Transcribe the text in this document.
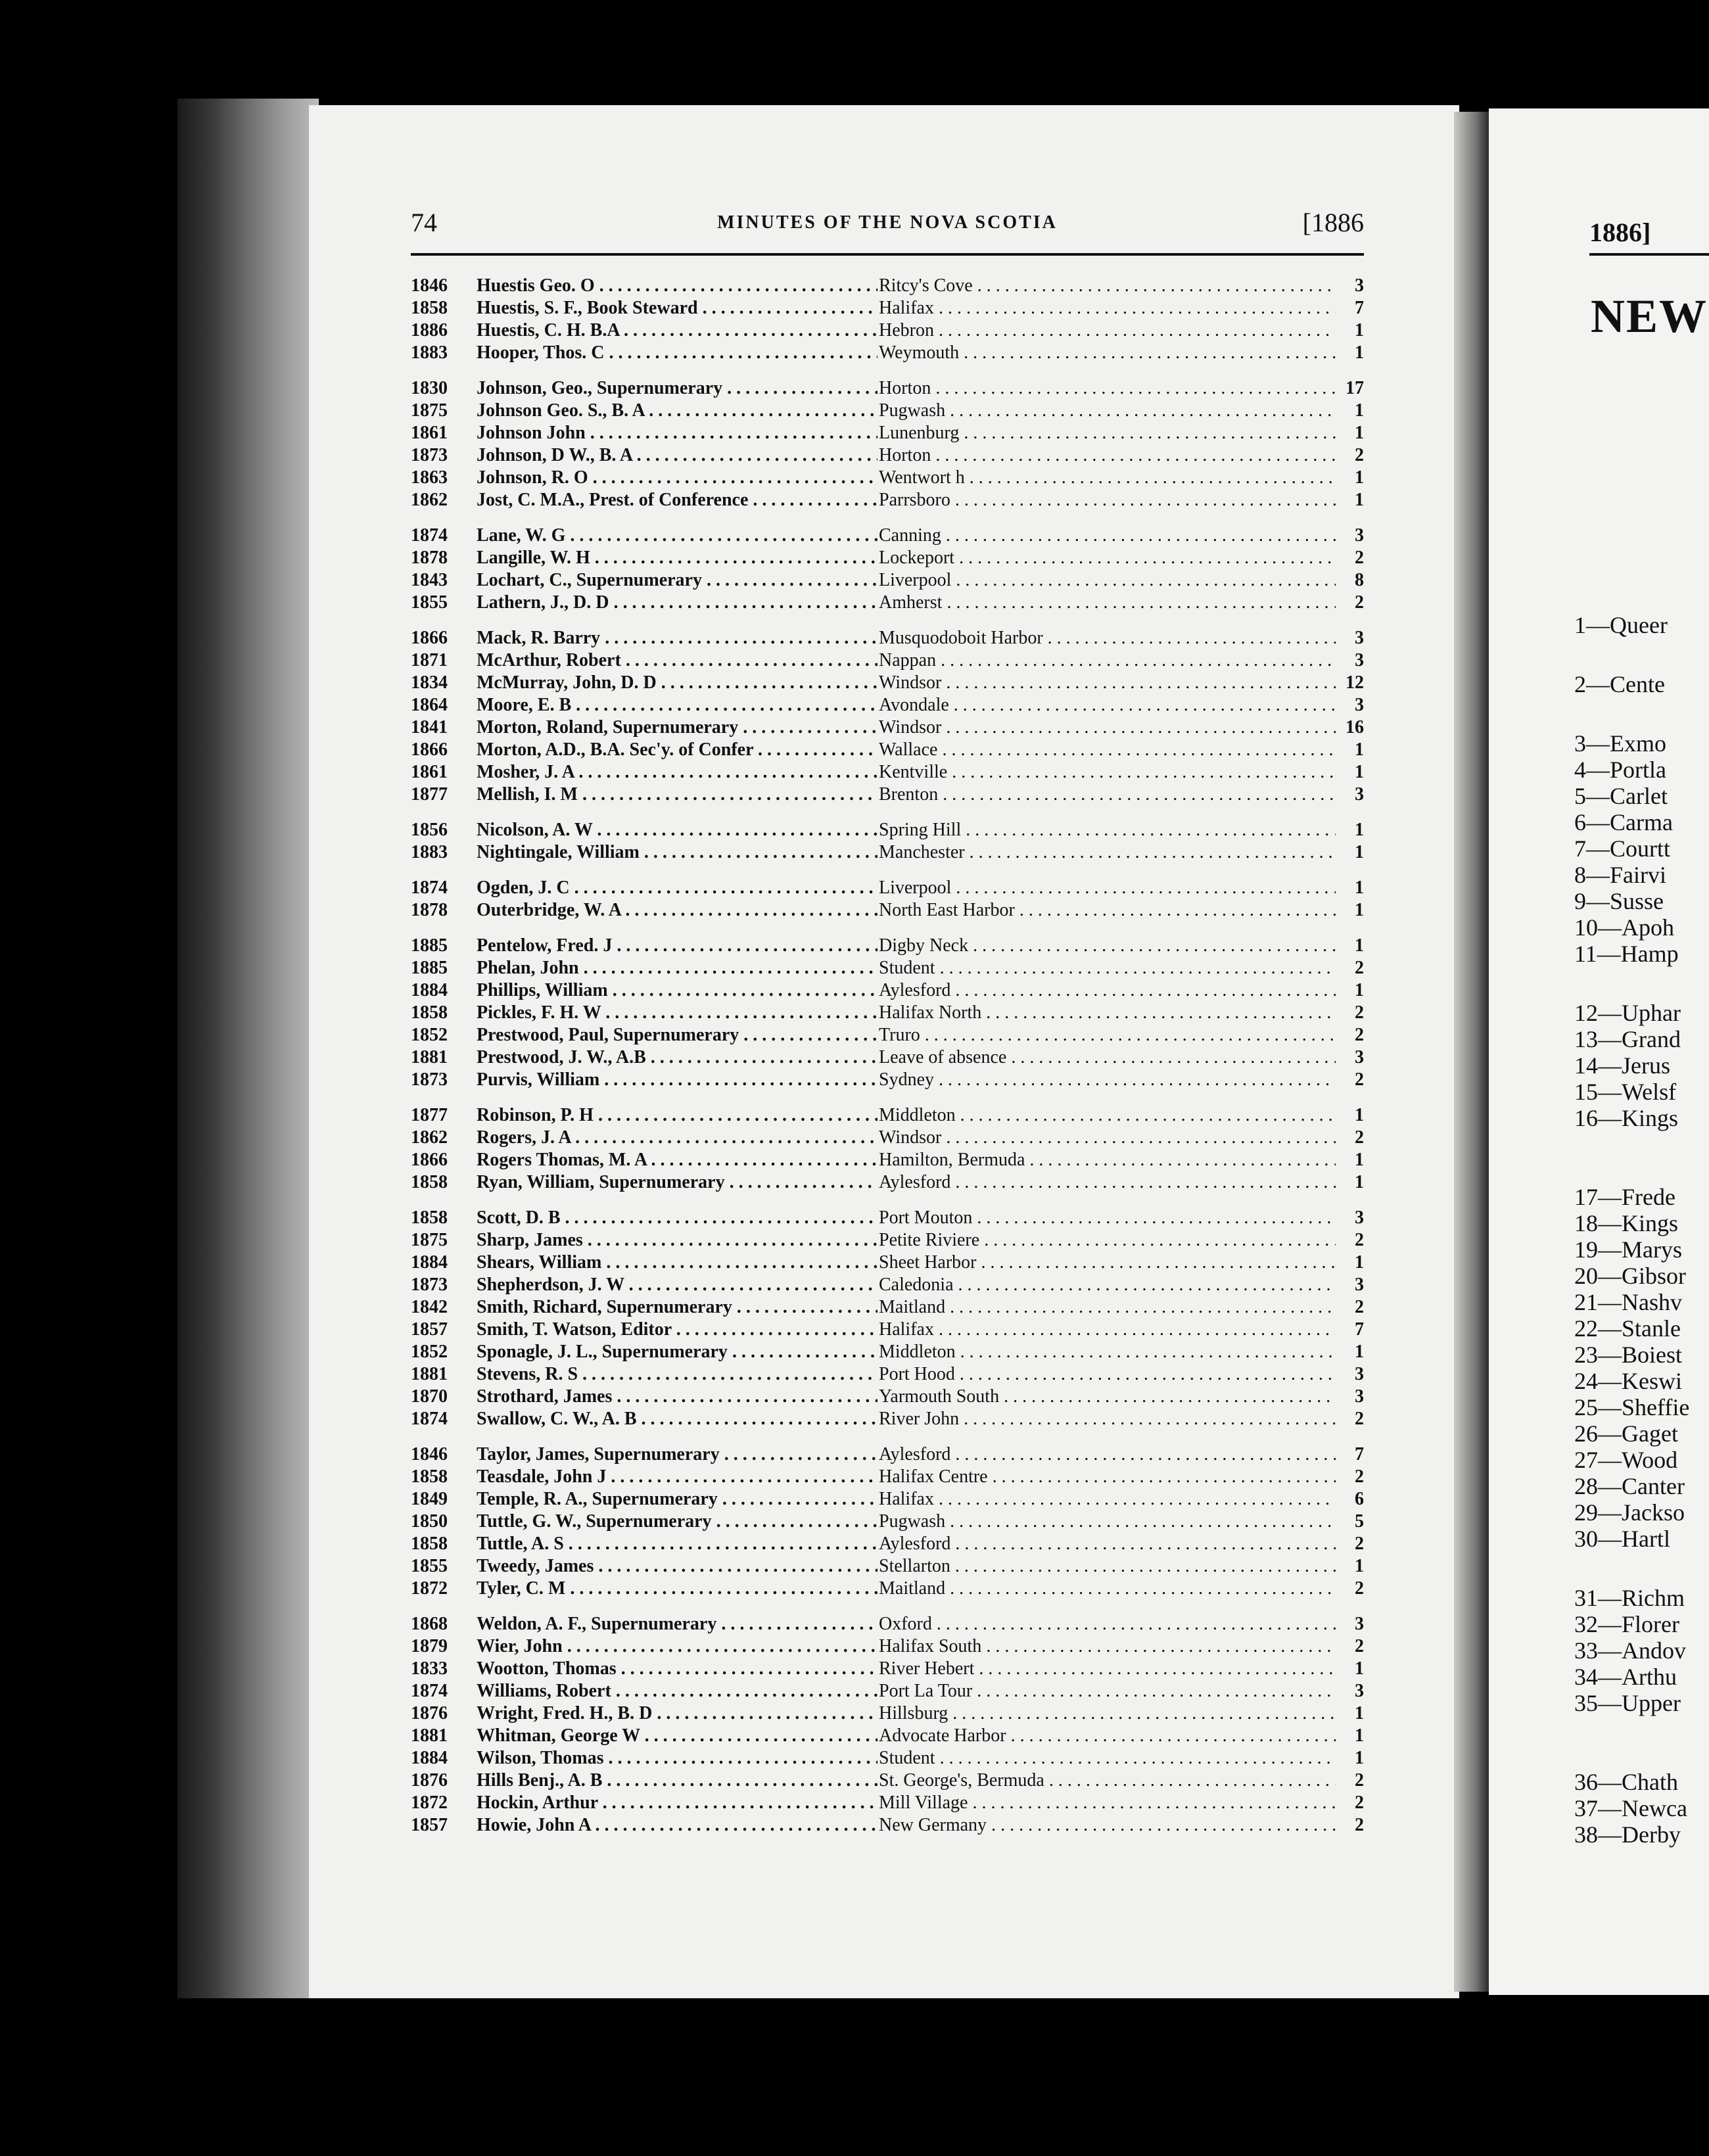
74	MINUTES OF THE NOVA SCOTIA	[1886
1846	Huestis Geo. O . . .	Ritcy's Cove . . .	3
1858	Huestis, S. F., Book Steward . . .	Halifax . . .	7
1886	Huestis, C. H. B.A . . .	Hebron . . .	1
1883	Hooper, Thos. C . . .	Weymouth . . .	1
1830	Johnson, Geo., Supernumerary . . .	Horton . . .	17
1875	Johnson Geo. S., B. A . . .	Pugwash . . .	1
1861	Johnson John . . .	Lunenburg . . .	1
1873	Johnson, D W., B. A . . .	Horton . . .	2
1863	Johnson, R. O . . .	Wentwort h . . .	1
1862	Jost, C. M.A., Prest. of Conference . . .	Parrsboro . . .	1
1874	Lane, W. G . . .	Canning . . .	3
1878	Langille, W. H . . .	Lockeport . . .	2
1843	Lochart, C., Supernumerary . . .	Liverpool . . .	8
1855	Lathern, J., D. D . . .	Amherst . . .	2
1866	Mack, R. Barry . . .	Musquodoboit Harbor . . .	3
1871	McArthur, Robert . . .	Nappan . . .	3
1834	McMurray, John, D. D . . .	Windsor . . .	12
1864	Moore, E. B . . .	Avondale . . .	3
1841	Morton, Roland, Supernumerary . . .	Windsor . . .	16
1866	Morton, A.D., B.A. Sec'y. of Confer . . .	Wallace . . .	1
1861	Mosher, J. A . . .	Kentville . . .	1
1877	Mellish, I. M . . .	Brenton . . .	3
1856	Nicolson, A. W . . .	Spring Hill . . .	1
1883	Nightingale, William . . .	Manchester . . .	1
1874	Ogden, J. C . . .	Liverpool . . .	1
1878	Outerbridge, W. A . . .	North East Harbor . . .	1
1885	Pentelow, Fred. J . . .	Digby Neck . . .	1
1885	Phelan, John . . .	Student . . .	2
1884	Phillips, William . . .	Aylesford . . .	1
1858	Pickles, F. H. W . . .	Halifax North . . .	2
1852	Prestwood, Paul, Supernumerary . . .	Truro . . .	2
1881	Prestwood, J. W., A.B . . .	Leave of absence . . .	3
1873	Purvis, William . . .	Sydney . . .	2
1877	Robinson, P. H . . .	Middleton . . .	1
1862	Rogers, J. A . . .	Windsor . . .	2
1866	Rogers Thomas, M. A . . .	Hamilton, Bermuda . . .	1
1858	Ryan, William, Supernumerary . . .	Aylesford . . .	1
1858	Scott, D. B . . .	Port Mouton . . .	3
1875	Sharp, James . . .	Petite Riviere . . .	2
1884	Shears, William . . .	Sheet Harbor . . .	1
1873	Shepherdson, J. W . . .	Caledonia . . .	3
1842	Smith, Richard, Supernumerary . . .	Maitland . . .	2
1857	Smith, T. Watson, Editor . . .	Halifax . . .	7
1852	Sponagle, J. L., Supernumerary . . .	Middleton . . .	1
1881	Stevens, R. S . . .	Port Hood . . .	3
1870	Strothard, James . . .	Yarmouth South . . .	3
1874	Swallow, C. W., A. B . . .	River John . . .	2
1846	Taylor, James, Supernumerary . . .	Aylesford . . .	7
1858	Teasdale, John J . . .	Halifax Centre . . .	2
1849	Temple, R. A., Supernumerary . . .	Halifax . . .	6
1850	Tuttle, G. W., Supernumerary . . .	Pugwash . . .	5
1858	Tuttle, A. S . . .	Aylesford . . .	2
1855	Tweedy, James . . .	Stellarton . . .	1
1872	Tyler, C. M . . .	Maitland . . .	2
1868	Weldon, A. F., Supernumerary . . .	Oxford . . .	3
1879	Wier, John . . .	Halifax South . . .	2
1833	Wootton, Thomas . . .	River Hebert . . .	1
1874	Williams, Robert . . .	Port La Tour . . .	3
1876	Wright, Fred. H., B. D . . .	Hillsburg . . .	1
1881	Whitman, George W . . .	Advocate Harbor . . .	1
1884	Wilson, Thomas . . .	Student . . .	1
1876	Hills Benj., A. B . . .	St. George's, Bermuda . . .	2
1872	Hockin, Arthur . . .	Mill Village . . .	2
1857	Howie, John A . . .	New Germany . . .	2
1886]
NEW
1—Queer
2—Cente
3—Exmo
4—Portla
5—Carlet
6—Carma
7—Courtt
8—Fairvi
9—Susse
10—Apoh
11—Hamp
12—Uphar
13—Grand
14—Jerus
15—Welsf
16—Kings
17—Frede
18—Kings
19—Marys
20—Gibsor
21—Nashv
22—Stanle
23—Boiest
24—Keswi
25—Sheffie
26—Gaget
27—Wood
28—Canter
29—Jackso
30—Hartl
31—Richm
32—Florer
33—Andov
34—Arthu
35—Upper
36—Chath
37—Newca
38—Derby
